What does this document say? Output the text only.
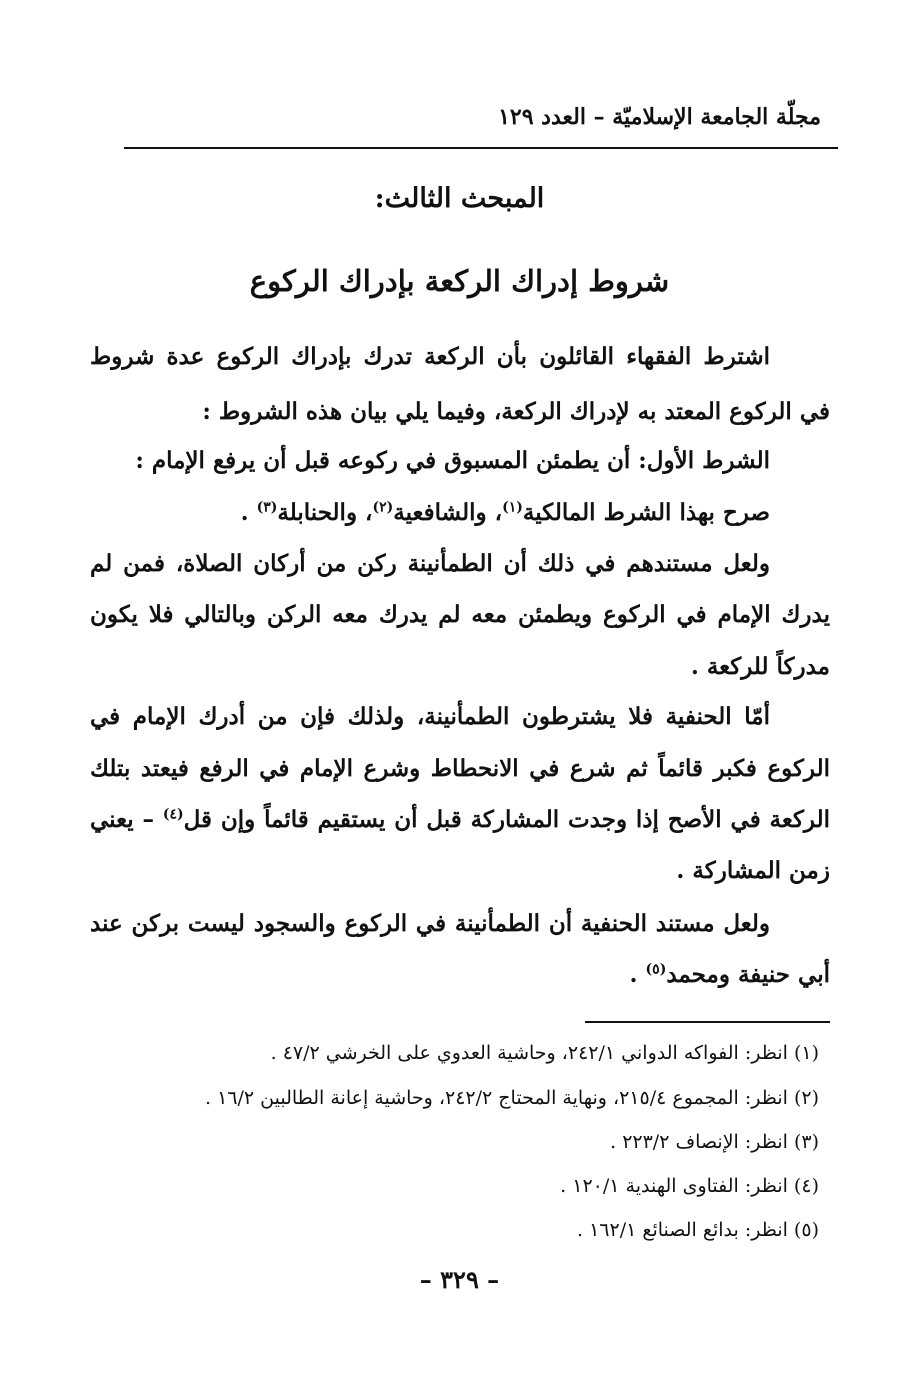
مجلّة الجامعة الإسلاميّة – العدد ١٢٩
المبحث الثالث:
شروط إدراك الركعة بإدراك الركوع
اشترط الفقهاء القائلون بأن الركعة تدرك بإدراك الركوع عدة شروط
في الركوع المعتد به لإدراك الركعة، وفيما يلي بيان هذه الشروط :
الشرط الأول: أن يطمئن المسبوق في ركوعه قبل أن يرفع الإمام :
صرح بهذا الشرط المالكية$^{(١)}$، والشافعية$^{(٢)}$، والحنابلة$^{(٣)}$ .
ولعل مستندهم في ذلك أن الطمأنينة ركن من أركان الصلاة، فمن لم
يدرك الإمام في الركوع ويطمئن معه لم يدرك معه الركن وبالتالي فلا يكون
مدركاً للركعة .
أمّا الحنفية فلا يشترطون الطمأنينة، ولذلك فإن من أدرك الإمام في
الركوع فكبر قائماً ثم شرع في الانحطاط وشرع الإمام في الرفع فيعتد بتلك
الركعة في الأصح إذا وجدت المشاركة قبل أن يستقيم قائماً وإن قل$^{(٤)}$ – يعني
زمن المشاركة .
ولعل مستند الحنفية أن الطمأنينة في الركوع والسجود ليست بركن عند
أبي حنيفة ومحمد$^{(٥)}$ .
(١) انظر: الفواكه الدواني ٢٤٢/١، وحاشية العدوي على الخرشي ٤٧/٢ .
(٢) انظر: المجموع ٢١٥/٤، ونهاية المحتاج ٢٤٢/٢، وحاشية إعانة الطالبين ١٦/٢ .
(٣) انظر: الإنصاف ٢٢٣/٢ .
(٤) انظر: الفتاوى الهندية ١٢٠/١ .
(٥) انظر: بدائع الصنائع ١٦٢/١ .
– ٣٢٩ –
